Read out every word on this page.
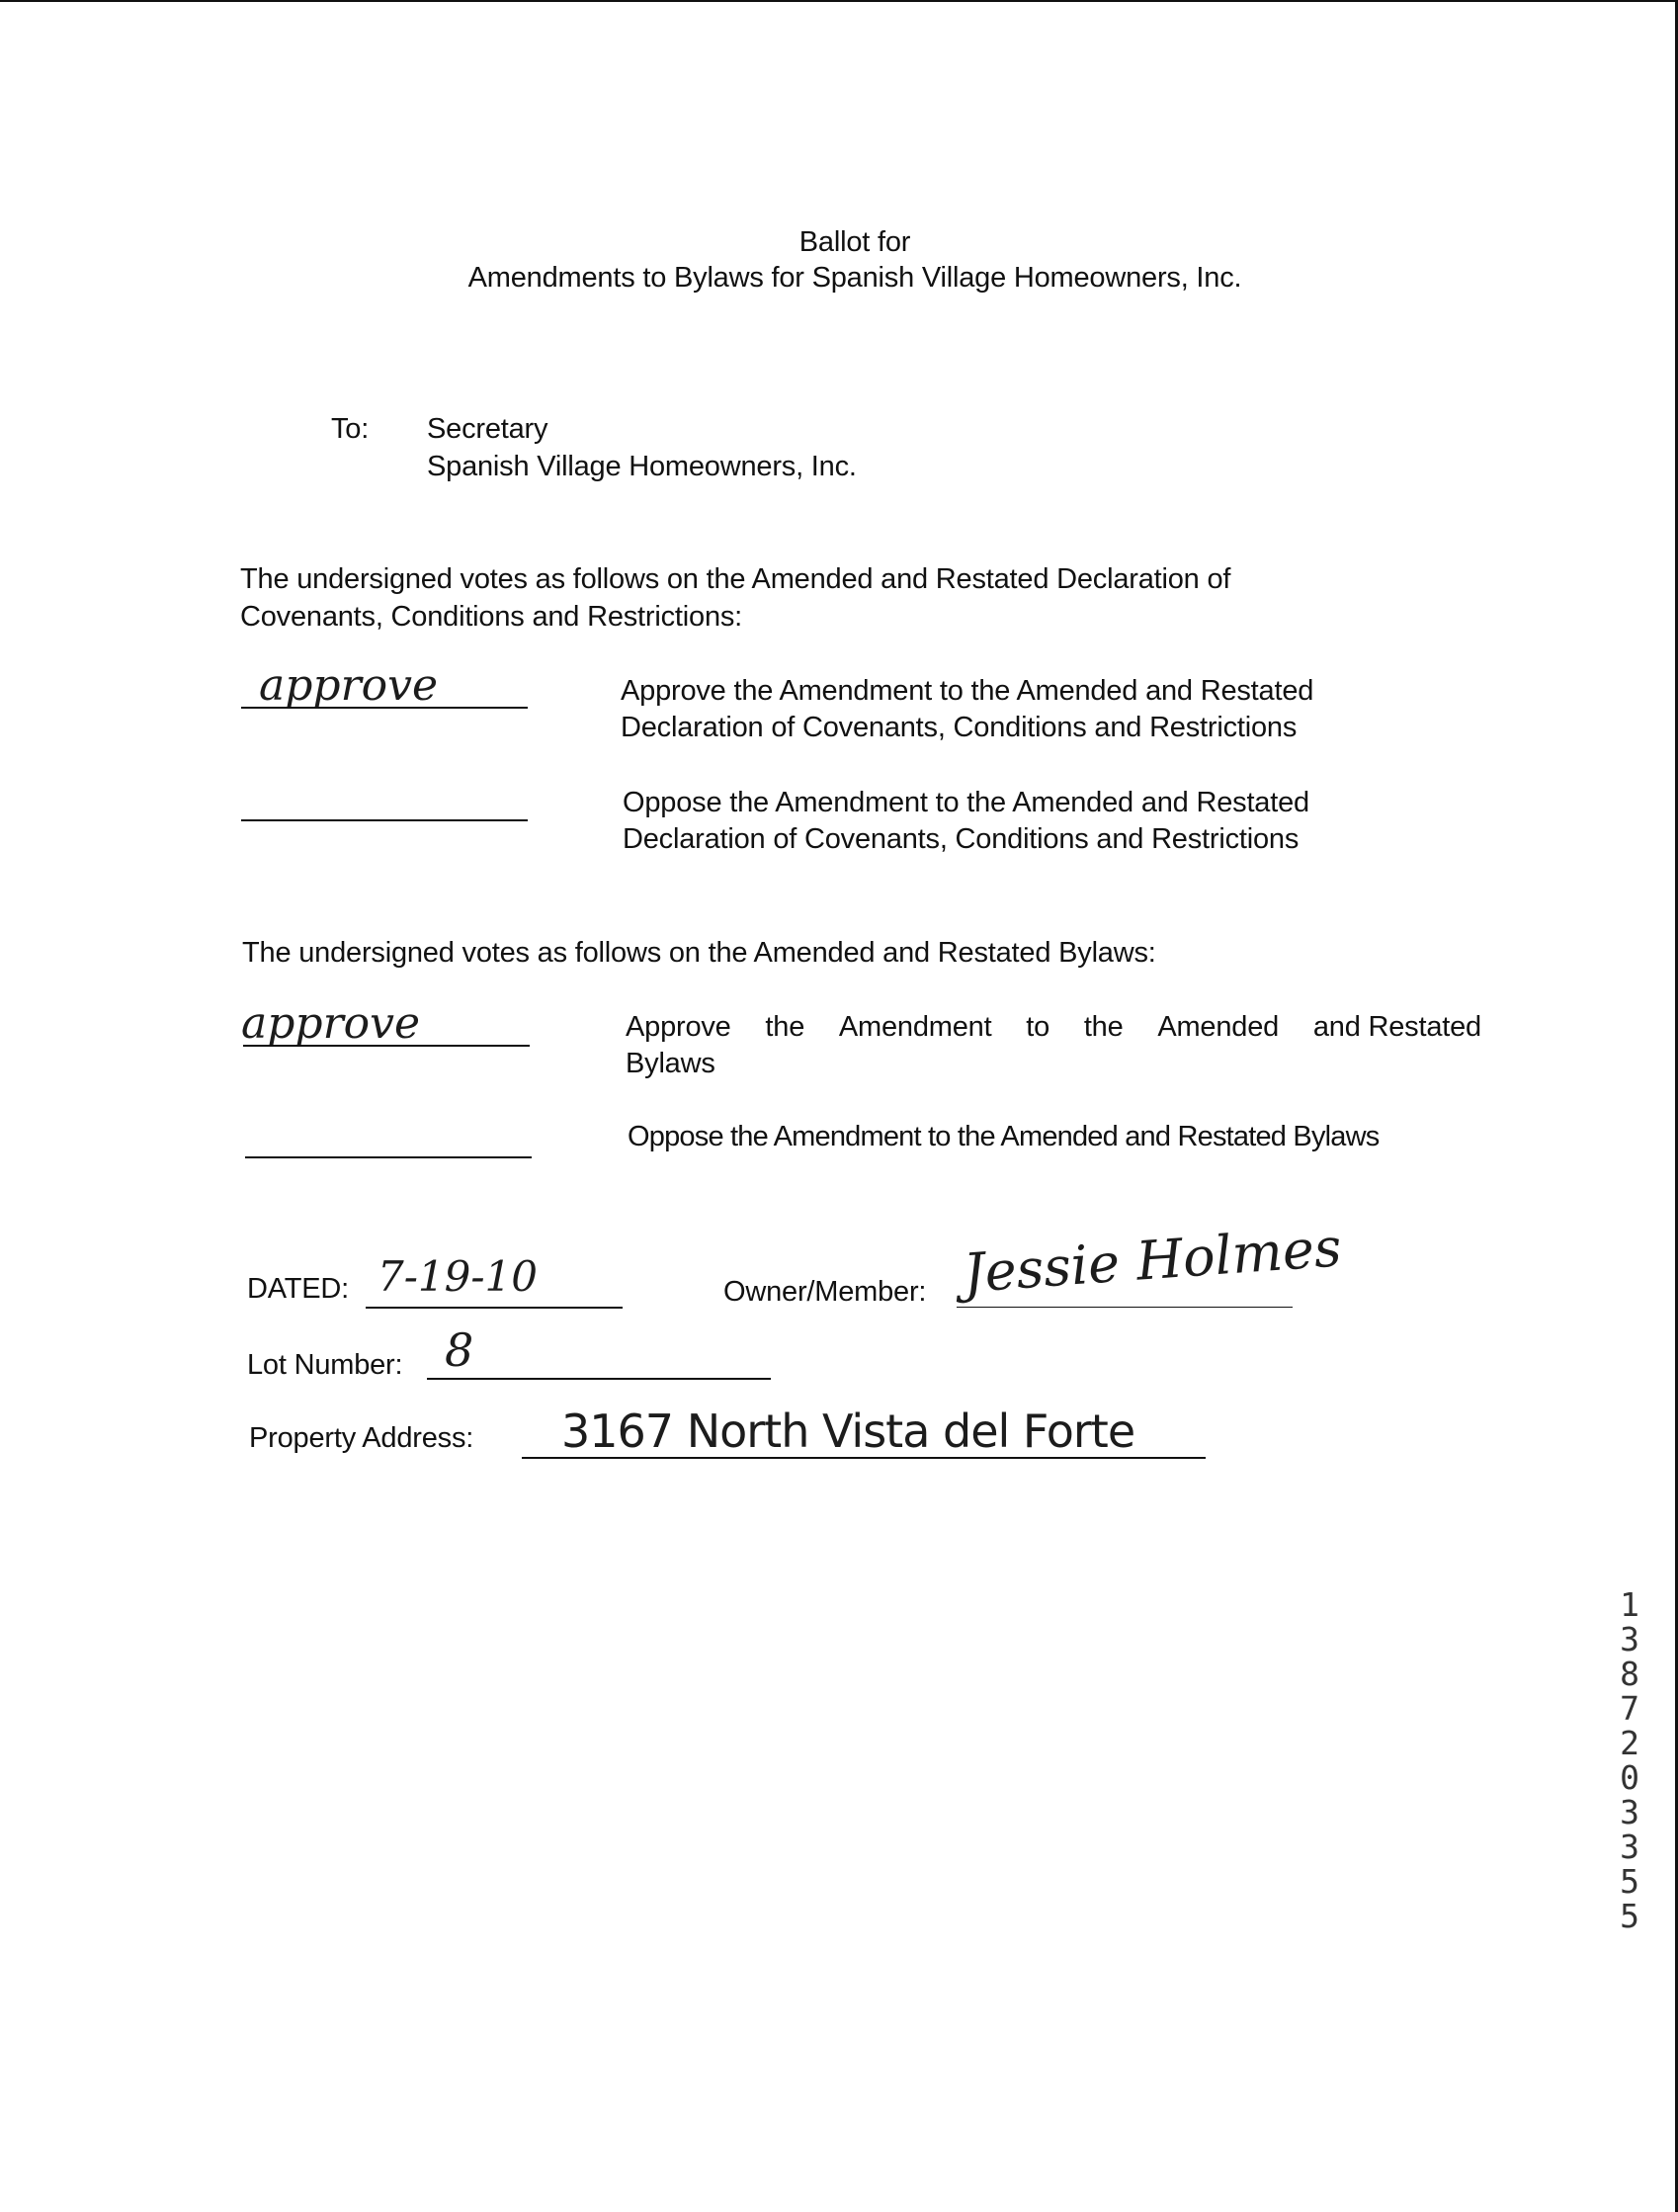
Ballot for
Amendments to Bylaws for Spanish Village Homeowners, Inc.
To: Secretary
Spanish Village Homeowners, Inc.
The undersigned votes as follows on the Amended and Restated Declaration of
Covenants, Conditions and Restrictions:
approve	Approve the Amendment to the Amended and Restated
Declaration of Covenants, Conditions and Restrictions
Oppose the Amendment to the Amended and Restated
Declaration of Covenants, Conditions and Restrictions
The undersigned votes as follows on the Amended and Restated Bylaws:
approve	Approve the Amendment to the Amended and Restated
Bylaws
Oppose the Amendment to the Amended and Restated Bylaws
DATED: 7-19-10	Owner/Member: Jessie Holmes
Lot Number: 8
Property Address: 3167 North Vista del Forte
1387203355
